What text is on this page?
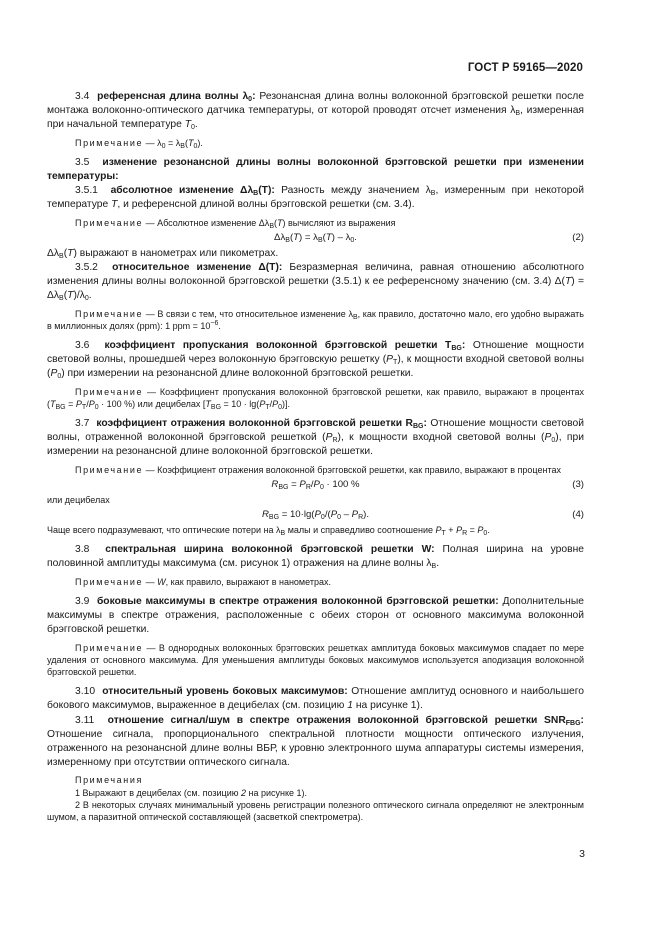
ГОСТ Р 59165—2020

3.4 референсная длина волны $\lambda_0$: Резонансная длина волны волоконной брэгговской решетки после монтажа волоконно-оптического датчика температуры, от которой проводят отсчет изменения $\lambda_B$, измеренная при начальной температуре $T_0$.

Примечание — $\lambda_0 = \lambda_B(T_0)$.

3.5 изменение резонансной длины волны волоконной брэгговской решетки при изменении температуры:

3.5.1 абсолютное изменение $\Delta\lambda_B(T)$: Разность между значением $\lambda_B$, измеренным при некоторой температуре T, и референсной длиной волны брэгговской решетки (см. 3.4).

Примечание — Абсолютное изменение $\Delta\lambda_B(T)$ вычисляют из выражения

$\Delta\lambda_B(T) = \lambda_B(T) - \lambda_0$.	(2)

$\Delta\lambda_B(T)$ выражают в нанометрах или пикометрах.

3.5.2 относительное изменение Δ(T): Безразмерная величина, равная отношению абсолютного изменения длины волны волоконной брэгговской решетки (3.5.1) к ее референсному значению (см. 3.4) $\Delta(T) = \Delta\lambda_B(T)/\lambda_0$.

Примечание — В связи с тем, что относительное изменение $\lambda_B$, как правило, достаточно мало, его удобно выражать в миллионных долях (ppm): 1 ppm = $10^{-6}$.

3.6 коэффициент пропускания волоконной брэгговской решетки $T_{BG}$: Отношение мощности световой волны, прошедшей через волоконную брэгговскую решетку $(P_T)$, к мощности входной световой волны $(P_0)$ при измерении на резонансной длине волоконной брэгговской решетки.

Примечание — Коэффициент пропускания волоконной брэгговской решетки, как правило, выражают в процентах ($T_{BG} = P_T/P_0 \cdot 100$ %) или децибелах $[T_{BG} = 10 \cdot \lg(P_T/P_0)]$.

3.7 коэффициент отражения волоконной брэгговской решетки $R_{BG}$: Отношение мощности световой волны, отраженной волоконной брэгговской решеткой $(P_R)$, к мощности входной световой волны $(P_0)$, при измерении на резонансной длине волоконной брэгговской решетки.

Примечание — Коэффициент отражения волоконной брэгговской решетки, как правило, выражают в процентах

$R_{BG} = P_R/P_0 \cdot 100$ %	(3)

или децибелах

$R_{BG} = 10\cdot\lg(P_0/(P_0 - P_R)$.	(4)

Чаще всего подразумевают, что оптические потери на $\lambda_B$ малы и справедливо соотношение $P_T + P_R = P_0$.

3.8 спектральная ширина волоконной брэгговской решетки W: Полная ширина на уровне половинной амплитуды максимума (см. рисунок 1) отражения на длине волны $\lambda_B$.

Примечание — W, как правило, выражают в нанометрах.

3.9 боковые максимумы в спектре отражения волоконной брэгговской решетки: Дополнительные максимумы в спектре отражения, расположенные с обеих сторон от основного максимума волоконной брэгговской решетки.

Примечание — В однородных волоконных брэгговских решетках амплитуда боковых максимумов спадает по мере удаления от основного максимума. Для уменьшения амплитуды боковых максимумов используется аподизация волоконной брэгговской решетки.

3.10 относительный уровень боковых максимумов: Отношение амплитуд основного и наибольшего бокового максимумов, выраженное в децибелах (см. позицию 1 на рисунке 1).

3.11 отношение сигнал/шум в спектре отражения волоконной брэгговской решетки $SNR_{FBG}$: Отношение сигнала, пропорционального спектральной плотности мощности оптического излучения, отраженного на резонансной длине волны ВБР, к уровню электронного шума аппаратуры системы измерения, измеренному при отсутствии оптического сигнала.

Примечания

1 Выражают в децибелах (см. позицию 2 на рисунке 1).

2 В некоторых случаях минимальный уровень регистрации полезного оптического сигнала определяют не электронным шумом, а паразитной оптической составляющей (засветкой спектрометра).

3
